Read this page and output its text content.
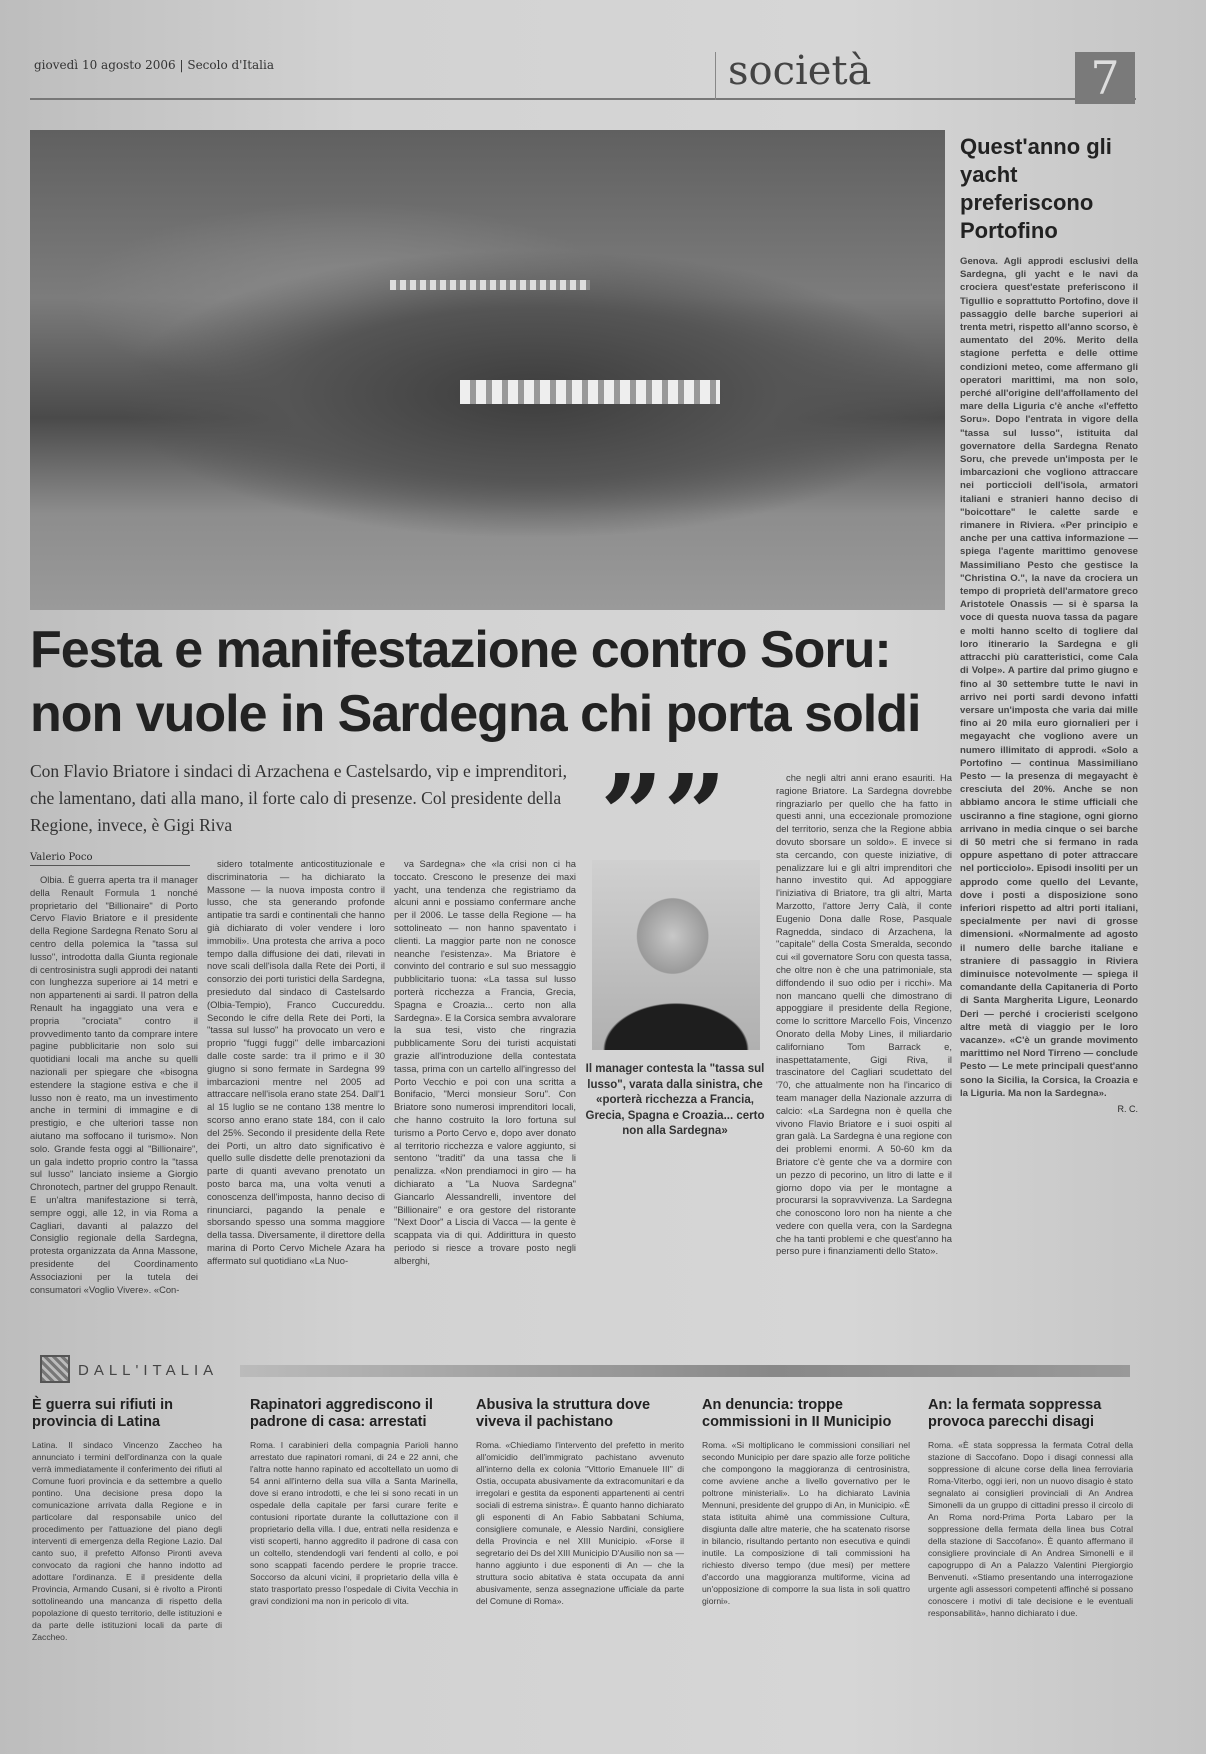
giovedì 10 agosto 2006 | Secolo d'Italia	società	7
Festa e manifestazione contro Soru:
non vuole in Sardegna chi porta soldi
Con Flavio Briatore i sindaci di Arzachena e Castelsardo, vip e imprenditori, che lamentano, dati alla mano, il forte calo di presenze. Col presidente della Regione, invece, è Gigi Riva
Valerio Poco

Olbia. È guerra aperta tra il manager della Renault Formula 1 nonché proprietario del "Billionaire" di Porto Cervo Flavio Briatore e il presidente della Regione Sardegna Renato Soru al centro della polemica la "tassa sul lusso", introdotta dalla Giunta regionale di centrosinistra sugli approdi dei natanti con lunghezza superiore ai 14 metri e non appartenenti ai sardi. Il patron della Renault ha ingaggiato una vera e propria "crociata" contro il provvedimento tanto da comprare intere pagine pubblicitarie non solo sui quotidiani locali ma anche su quelli nazionali per spiegare che «bisogna estendere la stagione estiva e che il lusso non è reato, ma un investimento anche in termini di immagine e di prestigio, e che ulteriori tasse non aiutano ma soffocano il turismo». Non solo. Grande festa oggi al "Billionaire", un gala indetto proprio contro la "tassa sul lusso" lanciato insieme a Giorgio Chronotech, partner del gruppo Renault. E un'altra manifestazione si terrà, sempre oggi, alle 12, in via Roma a Cagliari, davanti al palazzo del Consiglio regionale della Sardegna, protesta organizzata da Anna Massone, presidente del Coordinamento Associazioni per la tutela dei consumatori «Voglio Vivere». «Con-

sidero totalmente anticostituzionale e discriminatoria — ha dichiarato la Massone — la nuova imposta contro il lusso, che sta generando profonde antipatie tra sardi e continentali che hanno già dichiarato di voler vendere i loro immobili». Una protesta che arriva a poco tempo dalla diffusione dei dati, rilevati in nove scali dell'isola dalla Rete dei Porti, il consorzio dei porti turistici della Sardegna, presieduto dal sindaco di Castelsardo (Olbia-Tempio), Franco Cuccureddu. Secondo le cifre della Rete dei Porti, la "tassa sul lusso" ha provocato un vero e proprio "fuggi fuggi" delle imbarcazioni dalle coste sarde: tra il primo e il 30 giugno si sono fermate in Sardegna 99 imbarcazioni mentre nel 2005 ad attraccare nell'isola erano state 254. Dall'1 al 15 luglio se ne contano 138 mentre lo scorso anno erano state 184, con il calo del 25%. Secondo il presidente della Rete dei Porti, un altro dato significativo è quello sulle disdette delle prenotazioni da parte di quanti avevano prenotato un posto barca ma, una volta venuti a conoscenza dell'imposta, hanno deciso di rinunciarci, pagando la penale e sborsando spesso una somma maggiore della tassa. Diversamente, il direttore della marina di Porto Cervo Michele Azara ha affermato sul quotidiano «La Nuo-

va Sardegna» che «la crisi non ci ha toccato. Crescono le presenze dei maxi yacht, una tendenza che registriamo da alcuni anni e possiamo confermare anche per il 2006. Le tasse della Regione — ha sottolineato — non hanno spaventato i clienti. La maggior parte non ne conosce neanche l'esistenza». Ma Briatore è convinto del contrario e sul suo messaggio pubblicitario tuona: «La tassa sul lusso porterà ricchezza a Francia, Grecia, Spagna e Croazia... certo non alla Sardegna». E la Corsica sembra avvalorare la sua tesi, visto che ringrazia pubblicamente Soru dei turisti acquistati grazie all'introduzione della contestata tassa, prima con un cartello all'ingresso del Porto Vecchio e poi con una scritta a Bonifacio, "Merci monsieur Soru". Con Briatore sono numerosi imprenditori locali, che hanno costruito la loro fortuna sul turismo a Porto Cervo e, dopo aver donato al territorio ricchezza e valore aggiunto, si sentono "traditi" da una tassa che li penalizza. «Non prendiamoci in giro — ha dichiarato a "La Nuova Sardegna" Giancarlo Alessandrelli, inventore del "Billionaire" e ora gestore del ristorante "Next Door" a Liscia di Vacca — la gente è scappata via di qui. Addirittura in questo periodo si riesce a trovare posto negli alberghi,

””
Il manager contesta la "tassa sul lusso", varata dalla sinistra, che «porterà ricchezza a Francia, Grecia, Spagna e Croazia... certo non alla Sardegna»

che negli altri anni erano esauriti. Ha ragione Briatore. La Sardegna dovrebbe ringraziarlo per quello che ha fatto in questi anni, una eccezionale promozione del territorio, senza che la Regione abbia dovuto sborsare un soldo». E invece si sta cercando, con queste iniziative, di penalizzare lui e gli altri imprenditori che hanno investito qui. Ad appoggiare l'iniziativa di Briatore, tra gli altri, Marta Marzotto, l'attore Jerry Calà, il conte Eugenio Dona dalle Rose, Pasquale Ragnedda, sindaco di Arzachena, la "capitale" della Costa Smeralda, secondo cui «il governatore Soru con questa tassa, che oltre non è che una patrimoniale, sta diffondendo il suo odio per i ricchi». Ma non mancano quelli che dimostrano di appoggiare il presidente della Regione, come lo scrittore Marcello Fois, Vincenzo Onorato della Moby Lines, il miliardario californiano Tom Barrack e, inaspettatamente, Gigi Riva, il trascinatore del Cagliari scudettato del '70, che attualmente non ha l'incarico di team manager della Nazionale azzurra di calcio: «La Sardegna non è quella che vivono Flavio Briatore e i suoi ospiti al gran galà. La Sardegna è una regione con dei problemi enormi. A 50-60 km da Briatore c'è gente che va a dormire con un pezzo di pecorino, un litro di latte e il giorno dopo via per le montagne a procurarsi la sopravvivenza. La Sardegna che conoscono loro non ha niente a che vedere con quella vera, con la Sardegna che ha tanti problemi e che quest'anno ha perso pure i finanziamenti dello Stato».

Quest'anno gli yacht preferiscono Portofino

Genova. Agli approdi esclusivi della Sardegna, gli yacht e le navi da crociera quest'estate preferiscono il Tigullio e soprattutto Portofino, dove il passaggio delle barche superiori ai trenta metri, rispetto all'anno scorso, è aumentato del 20%. Merito della stagione perfetta e delle ottime condizioni meteo, come affermano gli operatori marittimi, ma non solo, perché all'origine dell'affollamento del mare della Liguria c'è anche «l'effetto Soru». Dopo l'entrata in vigore della "tassa sul lusso", istituita dal governatore della Sardegna Renato Soru, che prevede un'imposta per le imbarcazioni che vogliono attraccare nei porticcioli dell'isola, armatori italiani e stranieri hanno deciso di "boicottare" le calette sarde e rimanere in Riviera. «Per principio e anche per una cattiva informazione — spiega l'agente marittimo genovese Massimiliano Pesto che gestisce la "Christina O.", la nave da crociera un tempo di proprietà dell'armatore greco Aristotele Onassis — si è sparsa la voce di questa nuova tassa da pagare e molti hanno scelto di togliere dal loro itinerario la Sardegna e gli attracchi più caratteristici, come Cala di Volpe». A partire dal primo giugno e fino al 30 settembre tutte le navi in arrivo nei porti sardi devono infatti versare un'imposta che varia dai mille fino ai 20 mila euro giornalieri per i megayacht che vogliono avere un numero illimitato di approdi. «Solo a Portofino — continua Massimiliano Pesto — la presenza di megayacht è cresciuta del 20%. Anche se non abbiamo ancora le stime ufficiali che usciranno a fine stagione, ogni giorno arrivano in media cinque o sei barche di 50 metri che si fermano in rada oppure aspettano di poter attraccare nel porticciolo». Episodi insoliti per un approdo come quello del Levante, dove i posti a disposizione sono inferiori rispetto ad altri porti italiani, specialmente per navi di grosse dimensioni. «Normalmente ad agosto il numero delle barche italiane e straniere di passaggio in Riviera diminuisce notevolmente — spiega il comandante della Capitaneria di Porto di Santa Margherita Ligure, Leonardo Deri — perché i crocieristi scelgono altre metà di viaggio per le loro vacanze». «C'è un grande movimento marittimo nel Nord Tirreno — conclude Pesto — Le mete principali quest'anno sono la Sicilia, la Corsica, la Croazia e la Liguria. Ma non la Sardegna».

R. C.
DALL'ITALIA
È guerra sui rifiuti in provincia di Latina
Latina. Il sindaco Vincenzo Zaccheo ha annunciato i termini dell'ordinanza con la quale verrà immediatamente il conferimento dei rifiuti al Comune fuori provincia e da settembre a quello pontino. Una decisione presa dopo la comunicazione arrivata dalla Regione e in particolare dal responsabile unico del procedimento per l'attuazione del piano degli interventi di emergenza della Regione Lazio. Dal canto suo, il prefetto Alfonso Pironti aveva convocato da ragioni che hanno indotto ad adottare l'ordinanza. E il presidente della Provincia, Armando Cusani, si è rivolto a Pironti sottolineando una mancanza di rispetto della popolazione di questo territorio, delle istituzioni e da parte delle istituzioni locali da parte di Zaccheo.
Rapinatori aggrediscono il padrone di casa: arrestati
Roma. I carabinieri della compagnia Parioli hanno arrestato due rapinatori romani, di 24 e 22 anni, che l'altra notte hanno rapinato ed accoltellato un uomo di 54 anni all'interno della sua villa a Santa Marinella, dove si erano introdotti, e che lei si sono recati in un ospedale della capitale per farsi curare ferite e contusioni riportate durante la colluttazione con il proprietario della villa. I due, entrati nella residenza e visti scoperti, hanno aggredito il padrone di casa con un coltello, stendendogli vari fendenti al collo, e poi sono scappati facendo perdere le proprie tracce. Soccorso da alcuni vicini, il proprietario della villa è stato trasportato presso l'ospedale di Civita Vecchia in gravi condizioni ma non in pericolo di vita.
Abusiva la struttura dove viveva il pachistano
Roma. «Chiediamo l'intervento del prefetto in merito all'omicidio dell'immigrato pachistano avvenuto all'interno della ex colonia "Vittorio Emanuele III" di Ostia, occupata abusivamente da extracomunitari e da irregolari e gestita da esponenti appartenenti ai centri sociali di estrema sinistra». È quanto hanno dichiarato gli esponenti di An Fabio Sabbatani Schiuma, consigliere comunale, e Alessio Nardini, consigliere della Provincia e nel XIII Municipio. «Forse il segretario dei Ds del XIII Municipio D'Ausilio non sa — hanno aggiunto i due esponenti di An — che la struttura socio abitativa è stata occupata da anni abusivamente, senza assegnazione ufficiale da parte del Comune di Roma».
An denuncia: troppe commissioni in II Municipio
Roma. «Si moltiplicano le commissioni consiliari nel secondo Municipio per dare spazio alle forze politiche che compongono la maggioranza di centrosinistra, come avviene anche a livello governativo per le poltrone ministeriali». Lo ha dichiarato Lavinia Mennuni, presidente del gruppo di An, in Municipio. «È stata istituita ahimè una commissione Cultura, disgiunta dalle altre materie, che ha scatenato risorse in bilancio, risultando pertanto non esecutiva e quindi inutile. La composizione di tali commissioni ha richiesto diverso tempo (due mesi) per mettere d'accordo una maggioranza multiforme, vicina ad un'opposizione di comporre la sua lista in soli quattro giorni».
An: la fermata soppressa provoca parecchi disagi
Roma. «È stata soppressa la fermata Cotral della stazione di Saccofano. Dopo i disagi connessi alla soppressione di alcune corse della linea ferroviaria Roma-Viterbo, oggi ieri, non un nuovo disagio è stato segnalato ai consiglieri provinciali di An Andrea Simonelli da un gruppo di cittadini presso il circolo di An Roma nord-Prima Porta Labaro per la soppressione della fermata della linea bus Cotral della stazione di Saccofano». È quanto affermano il consigliere provinciale di An Andrea Simonelli e il capogruppo di An a Palazzo Valentini Piergiorgio Benvenuti. «Stiamo presentando una interrogazione urgente agli assessori competenti affinché si possano conoscere i motivi di tale decisione e le eventuali responsabilità», hanno dichiarato i due.
